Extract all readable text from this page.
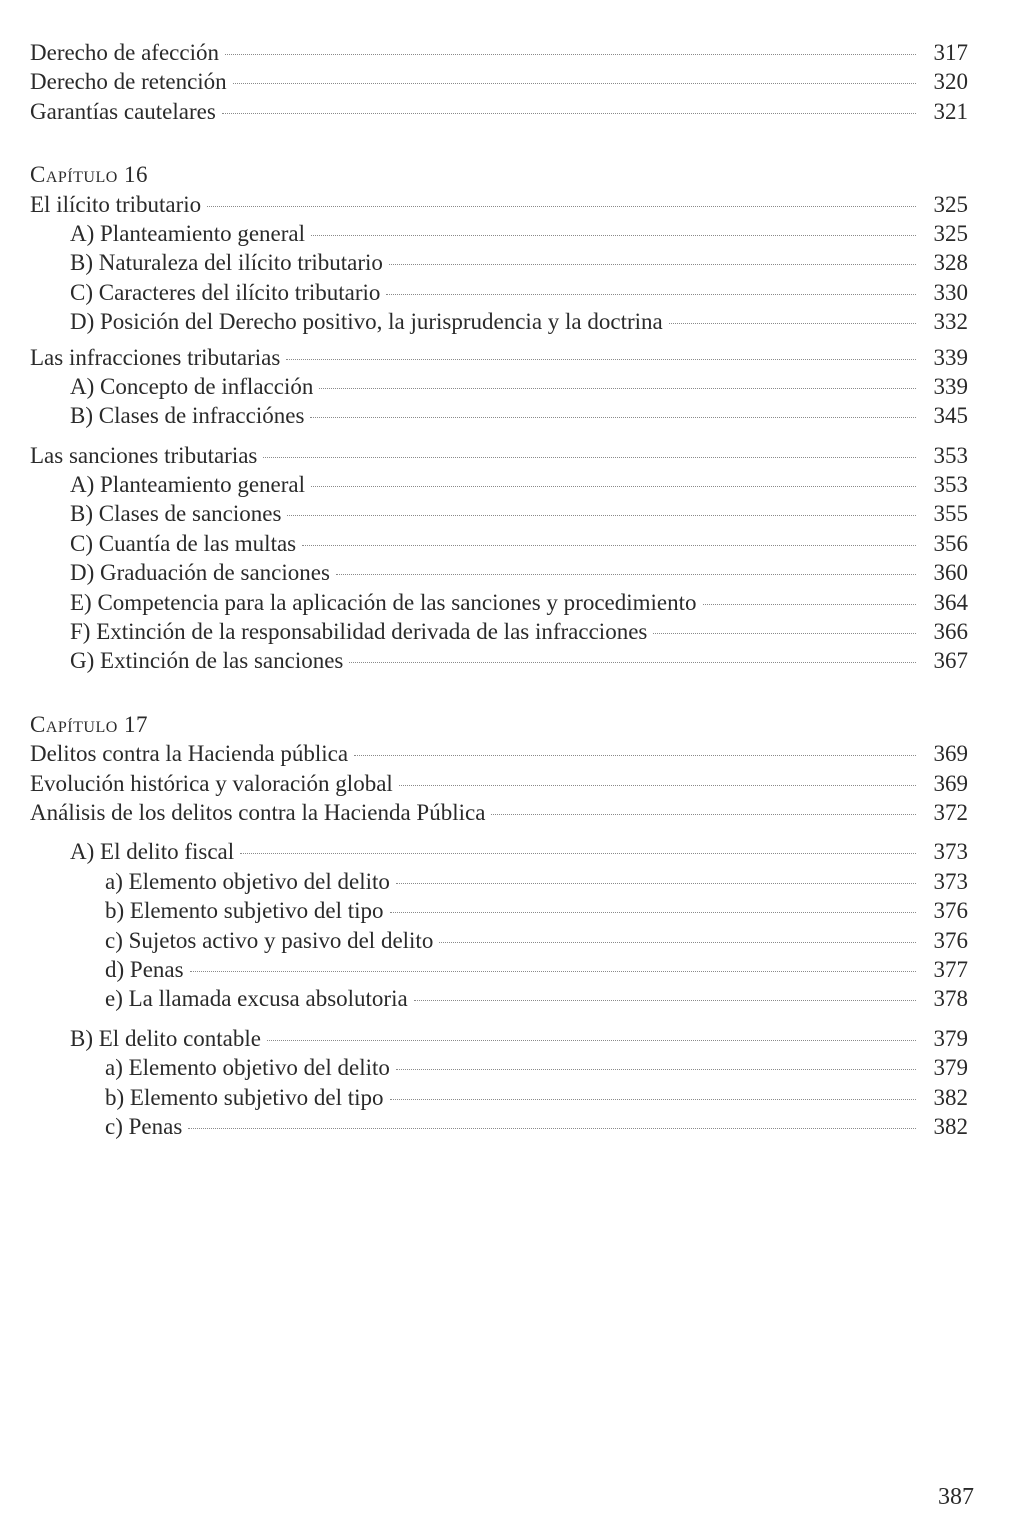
Derecho de afección	317
Derecho de retención	320
Garantías cautelares	321
Capítulo 16
El ilícito tributario	325
A) Planteamiento general	325
B) Naturaleza del ilícito tributario	328
C) Caracteres del ilícito tributario	330
D) Posición del Derecho positivo, la jurisprudencia y la doctrina	332
Las infracciones tributarias	339
A) Concepto de inflacción	339
B) Clases de infracciónes	345
Las sanciones tributarias	353
A) Planteamiento general	353
B) Clases de sanciones	355
C) Cuantía de las multas	356
D) Graduación de sanciones	360
E) Competencia para la aplicación de las sanciones y procedimiento	364
F) Extinción de la responsabilidad derivada de las infracciones	366
G) Extinción de las sanciones	367
Capítulo 17
Delitos contra la Hacienda pública	369
Evolución histórica y valoración global	369
Análisis de los delitos contra la Hacienda Pública	372
A) El delito fiscal	373
a) Elemento objetivo del delito	373
b) Elemento subjetivo del tipo	376
c) Sujetos activo y pasivo del delito	376
d) Penas	377
e) La llamada excusa absolutoria	378
B) El delito contable	379
a) Elemento objetivo del delito	379
b) Elemento subjetivo del tipo	382
c) Penas	382
387
